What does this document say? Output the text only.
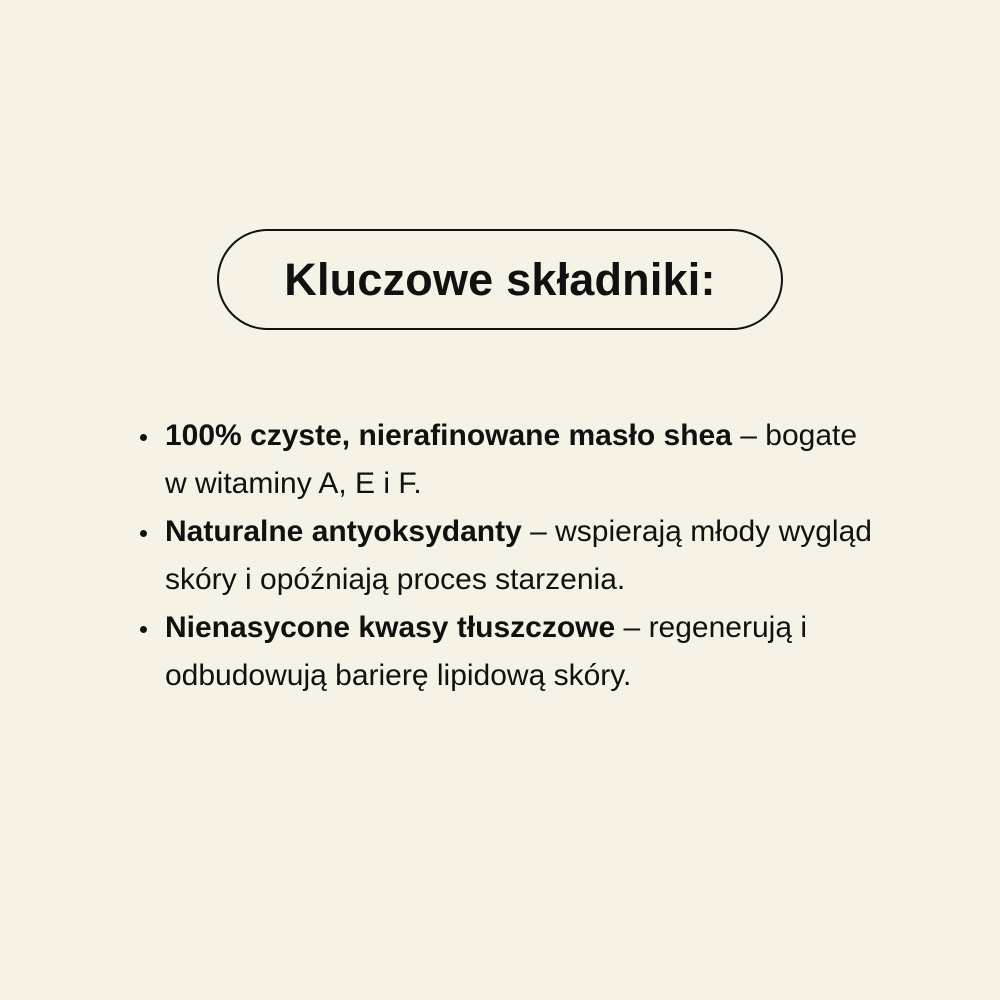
Kluczowe składniki:
100% czyste, nierafinowane masło shea – bogate w witaminy A, E i F.
Naturalne antyoksydanty – wspierają młody wygląd skóry i opóźniają proces starzenia.
Nienasycone kwasy tłuszczowe – regenerują i odbudowują barierę lipidową skóry.
